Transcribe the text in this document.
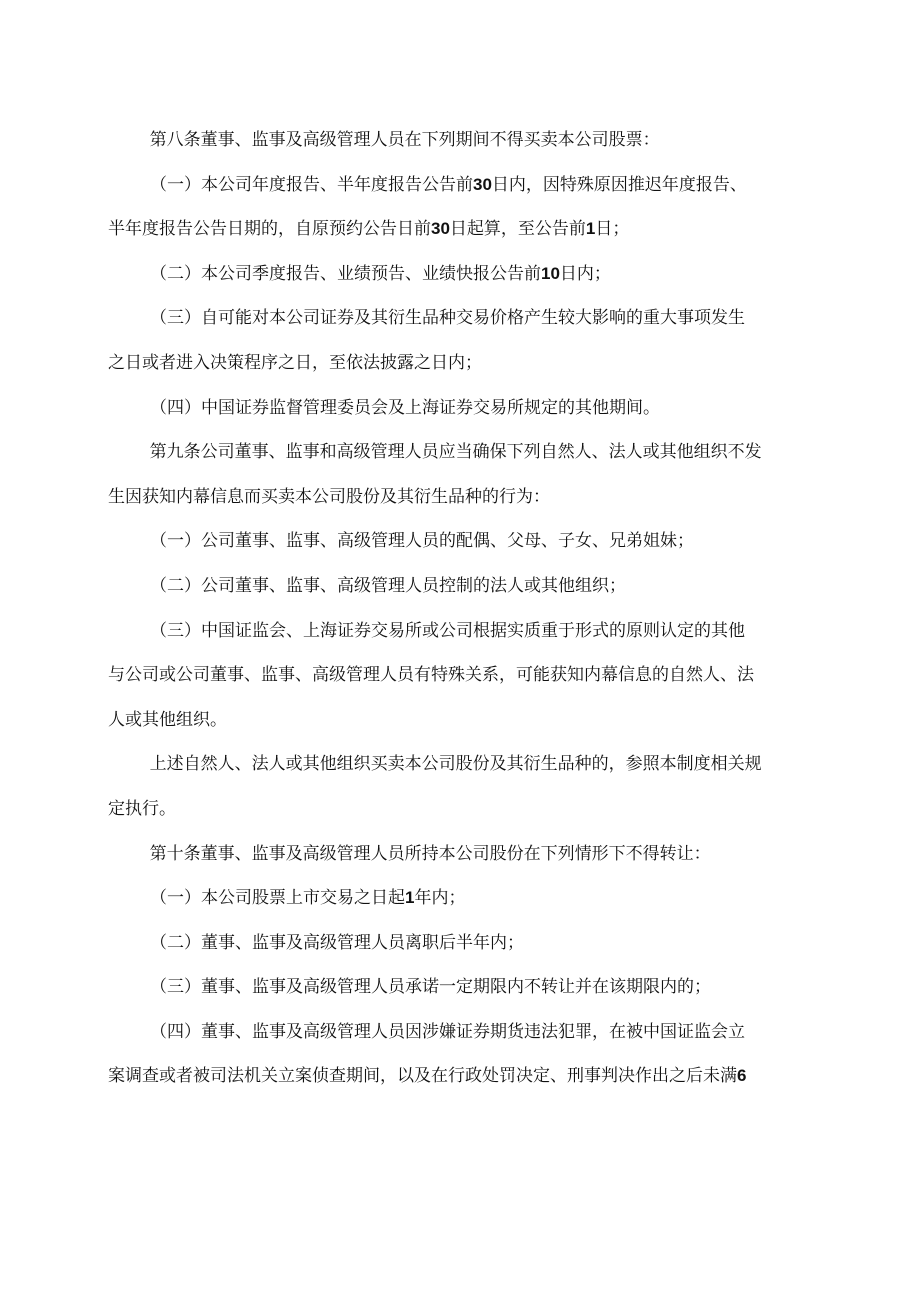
第八条董事、监事及高级管理人员在下列期间不得买卖本公司股票：
（一）本公司年度报告、半年度报告公告前30日内，因特殊原因推迟年度报告、
半年度报告公告日期的，自原预约公告日前30日起算，至公告前1日；
（二）本公司季度报告、业绩预告、业绩快报公告前10日内；
（三）自可能对本公司证券及其衍生品种交易价格产生较大影响的重大事项发生
之日或者进入决策程序之日，至依法披露之日内；
（四）中国证券监督管理委员会及上海证券交易所规定的其他期间。
第九条公司董事、监事和高级管理人员应当确保下列自然人、法人或其他组织不发
生因获知内幕信息而买卖本公司股份及其衍生品种的行为：
（一）公司董事、监事、高级管理人员的配偶、父母、子女、兄弟姐妹；
（二）公司董事、监事、高级管理人员控制的法人或其他组织；
（三）中国证监会、上海证券交易所或公司根据实质重于形式的原则认定的其他
与公司或公司董事、监事、高级管理人员有特殊关系，可能获知内幕信息的自然人、法
人或其他组织。
上述自然人、法人或其他组织买卖本公司股份及其衍生品种的，参照本制度相关规
定执行。
第十条董事、监事及高级管理人员所持本公司股份在下列情形下不得转让：
（一）本公司股票上市交易之日起1年内；
（二）董事、监事及高级管理人员离职后半年内；
（三）董事、监事及高级管理人员承诺一定期限内不转让并在该期限内的；
（四）董事、监事及高级管理人员因涉嫌证券期货违法犯罪，在被中国证监会立
案调查或者被司法机关立案侦查期间，以及在行政处罚决定、刑事判决作出之后未满6
